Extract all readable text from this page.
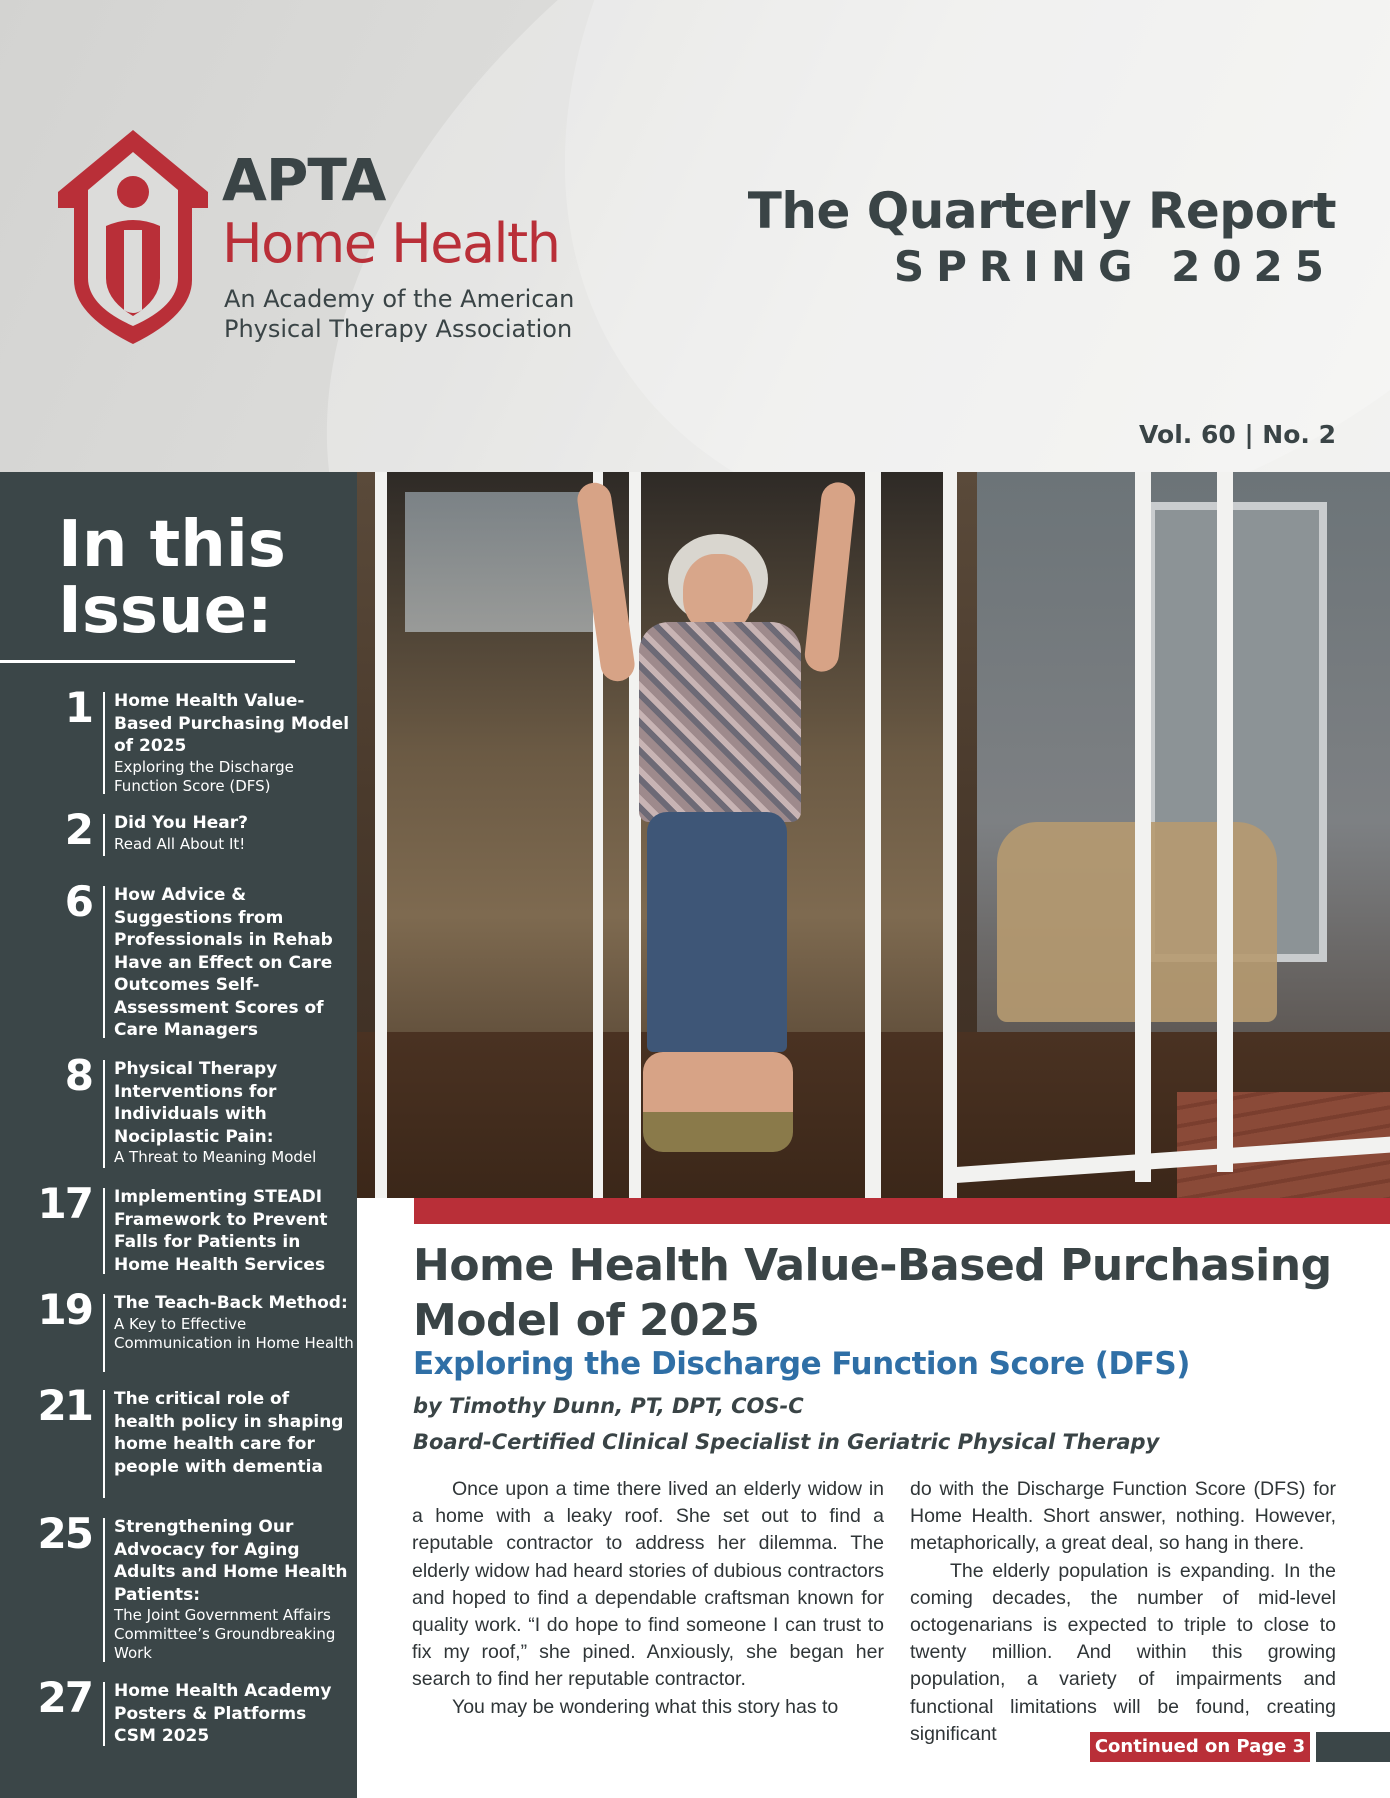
APTA
Home Health
An Academy of the American
Physical Therapy Association
The Quarterly Report
SPRING 2025
Vol. 60 | No. 2
In this
Issue:
1 Home Health Value-Based Purchasing Model of 2025
Exploring the Discharge Function Score (DFS)
2 Did You Hear?
Read All About It!
6 How Advice & Suggestions from Professionals in Rehab Have an Effect on Care Outcomes Self-Assessment Scores of Care Managers
8 Physical Therapy Interventions for Individuals with Nociplastic Pain:
A Threat to Meaning Model
17 Implementing STEADI Framework to Prevent Falls for Patients in Home Health Services
19 The Teach-Back Method:
A Key to Effective Communication in Home Health
21 The critical role of health policy in shaping home health care for people with dementia
25 Strengthening Our Advocacy for Aging Adults and Home Health Patients:
The Joint Government Affairs Committee’s Groundbreaking Work
27 Home Health Academy Posters & Platforms CSM 2025
Home Health Value-Based Purchasing Model of 2025
Exploring the Discharge Function Score (DFS)
by Timothy Dunn, PT, DPT, COS-C
Board-Certified Clinical Specialist in Geriatric Physical Therapy

Once upon a time there lived an elderly widow in a home with a leaky roof. She set out to find a reputable contractor to address her dilemma. The elderly widow had heard stories of dubious contractors and hoped to find a dependable craftsman known for quality work. “I do hope to find someone I can trust to fix my roof,” she pined. Anxiously, she began her search to find her reputable contractor.

You may be wondering what this story has to

do with the Discharge Function Score (DFS) for Home Health. Short answer, nothing. However, metaphorically, a great deal, so hang in there.

The elderly population is expanding. In the coming decades, the number of mid-level octogenarians is expected to triple to close to twenty million. And within this growing population, a variety of impairments and functional limitations will be found, creating significant

Continued on Page 3
